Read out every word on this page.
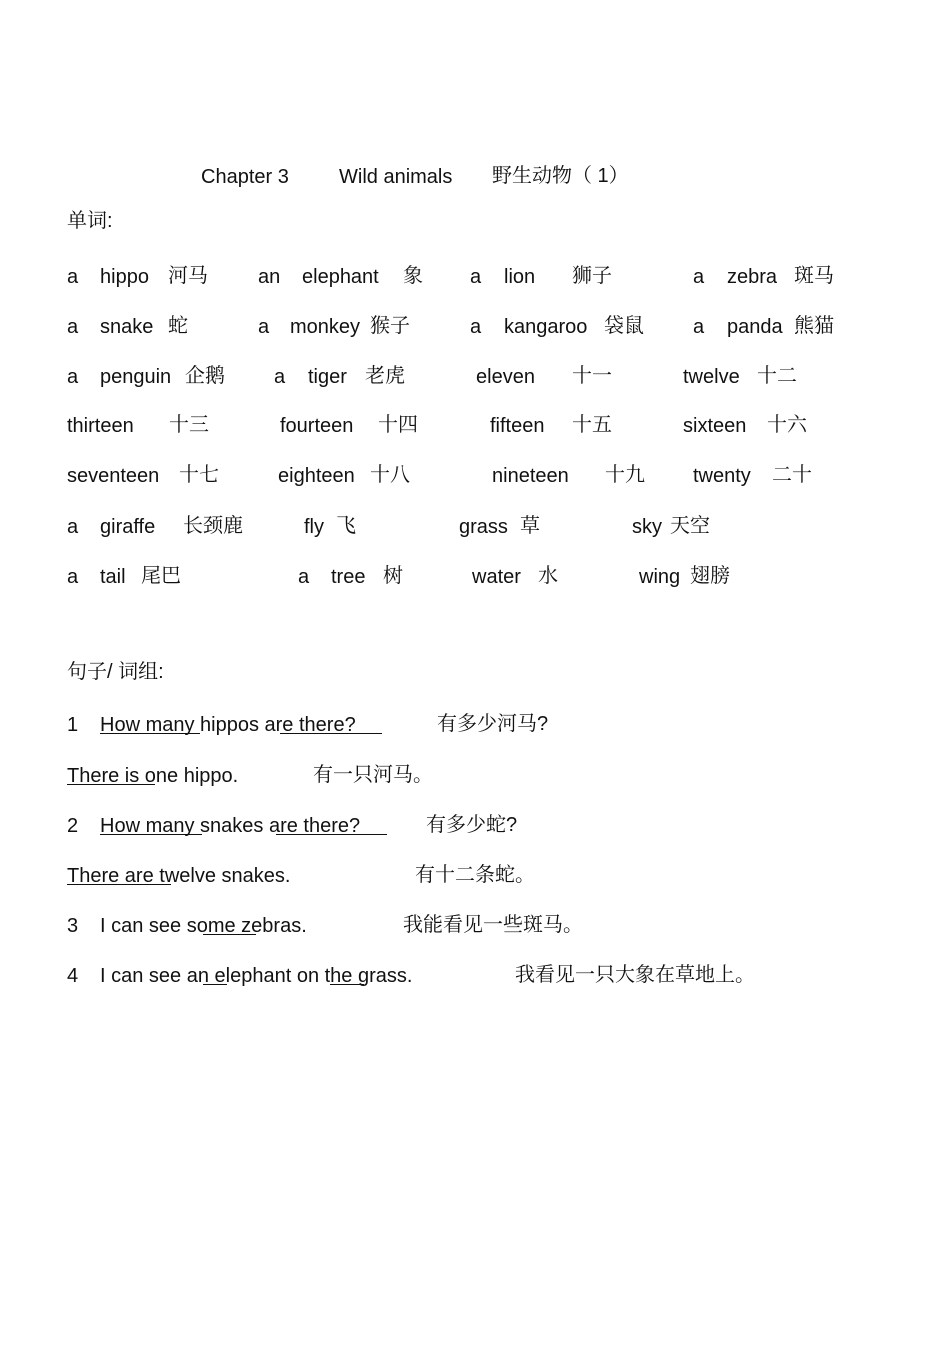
Chapter 3	Wild animals 野生动物（ 1）
单词:
a hippo 河马	an elephant 象 a lion 狮子	a zebra 斑马
a snake 蛇	a monkey 猴子	a kangaroo 袋鼠 a panda 熊猫
a penguin 企鹅 a tiger 老虎	eleven 十一	twelve 十二
thirteen 十三	fourteen 十四	fifteen 十五	sixteen 十六
seventeen 十七	eighteen 十八	nineteen 十九 twenty 二十
a giraffe 长颈鹿	fly 飞	grass 草	sky 天空
a tail 尾巴	a tree 树	water 水	wing 翅膀
句子/ 词组:
1 How many hippos are there?	有多少河马?
There is one hippo.	有一只河马。
2 How many snakes are there?	有多少蛇?
There are twelve snakes.	有十二条蛇。
3 I can see some zebras.	我能看见一些斑马。
4 I can see an elephant on the grass.	我看见一只大象在草地上。
